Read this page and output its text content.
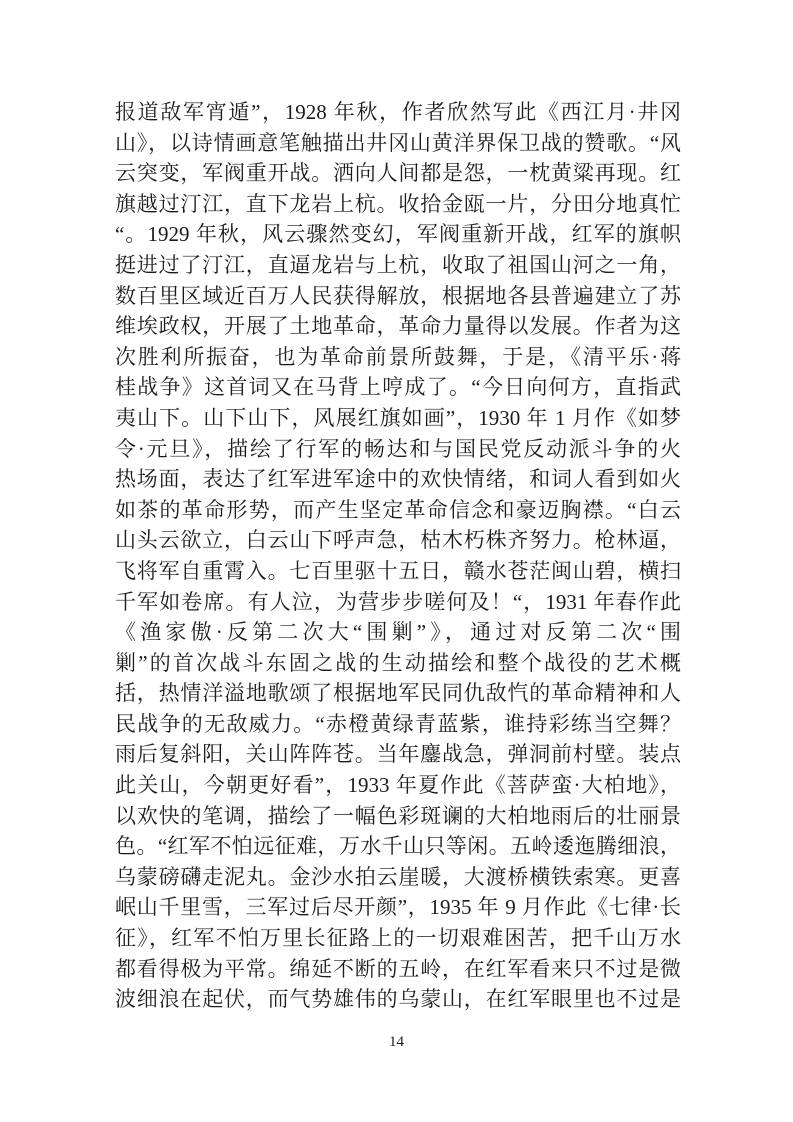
报道敌军宵遁”，1928 年秋，作者欣然写此《西江月·井冈
山》，以诗情画意笔触描出井冈山黄洋界保卫战的赞歌。“风
云突变，军阀重开战。洒向人间都是怨，一枕黄粱再现。红
旗越过汀江，直下龙岩上杭。收拾金瓯一片，分田分地真忙
“。1929 年秋，风云骤然变幻，军阀重新开战，红军的旗帜
挺进过了汀江，直逼龙岩与上杭，收取了祖国山河之一角，
数百里区域近百万人民获得解放，根据地各县普遍建立了苏
维埃政权，开展了土地革命，革命力量得以发展。作者为这
次胜利所振奋，也为革命前景所鼓舞，于是，《清平乐·蒋
桂战争》这首词又在马背上哼成了。“今日向何方，直指武
夷山下。山下山下，风展红旗如画”，1930 年 1 月作《如梦
令·元旦》，描绘了行军的畅达和与国民党反动派斗争的火
热场面，表达了红军进军途中的欢快情绪，和词人看到如火
如茶的革命形势，而产生坚定革命信念和豪迈胸襟。“白云
山头云欲立，白云山下呼声急，枯木朽株齐努力。枪林逼，
飞将军自重霄入。七百里驱十五日，赣水苍茫闽山碧，横扫
千军如卷席。有人泣，为营步步嗟何及！“，1931 年春作此
《渔家傲·反第二次大“围剿”》，通过对反第二次“围
剿”的首次战斗东固之战的生动描绘和整个战役的艺术概
括，热情洋溢地歌颂了根据地军民同仇敌忾的革命精神和人
民战争的无敌威力。“赤橙黄绿青蓝紫，谁持彩练当空舞？
雨后复斜阳，关山阵阵苍。当年鏖战急，弹洞前村壁。装点
此关山，今朝更好看”，1933 年夏作此《菩萨蛮·大柏地》，
以欢快的笔调，描绘了一幅色彩斑谰的大柏地雨后的壮丽景
色。“红军不怕远征难，万水千山只等闲。五岭逶迤腾细浪，
乌蒙磅礴走泥丸。金沙水拍云崖暖，大渡桥横铁索寒。更喜
岷山千里雪，三军过后尽开颜”，1935 年 9 月作此《七律·长
征》，红军不怕万里长征路上的一切艰难困苦，把千山万水
都看得极为平常。绵延不断的五岭，在红军看来只不过是微
波细浪在起伏，而气势雄伟的乌蒙山，在红军眼里也不过是
14
